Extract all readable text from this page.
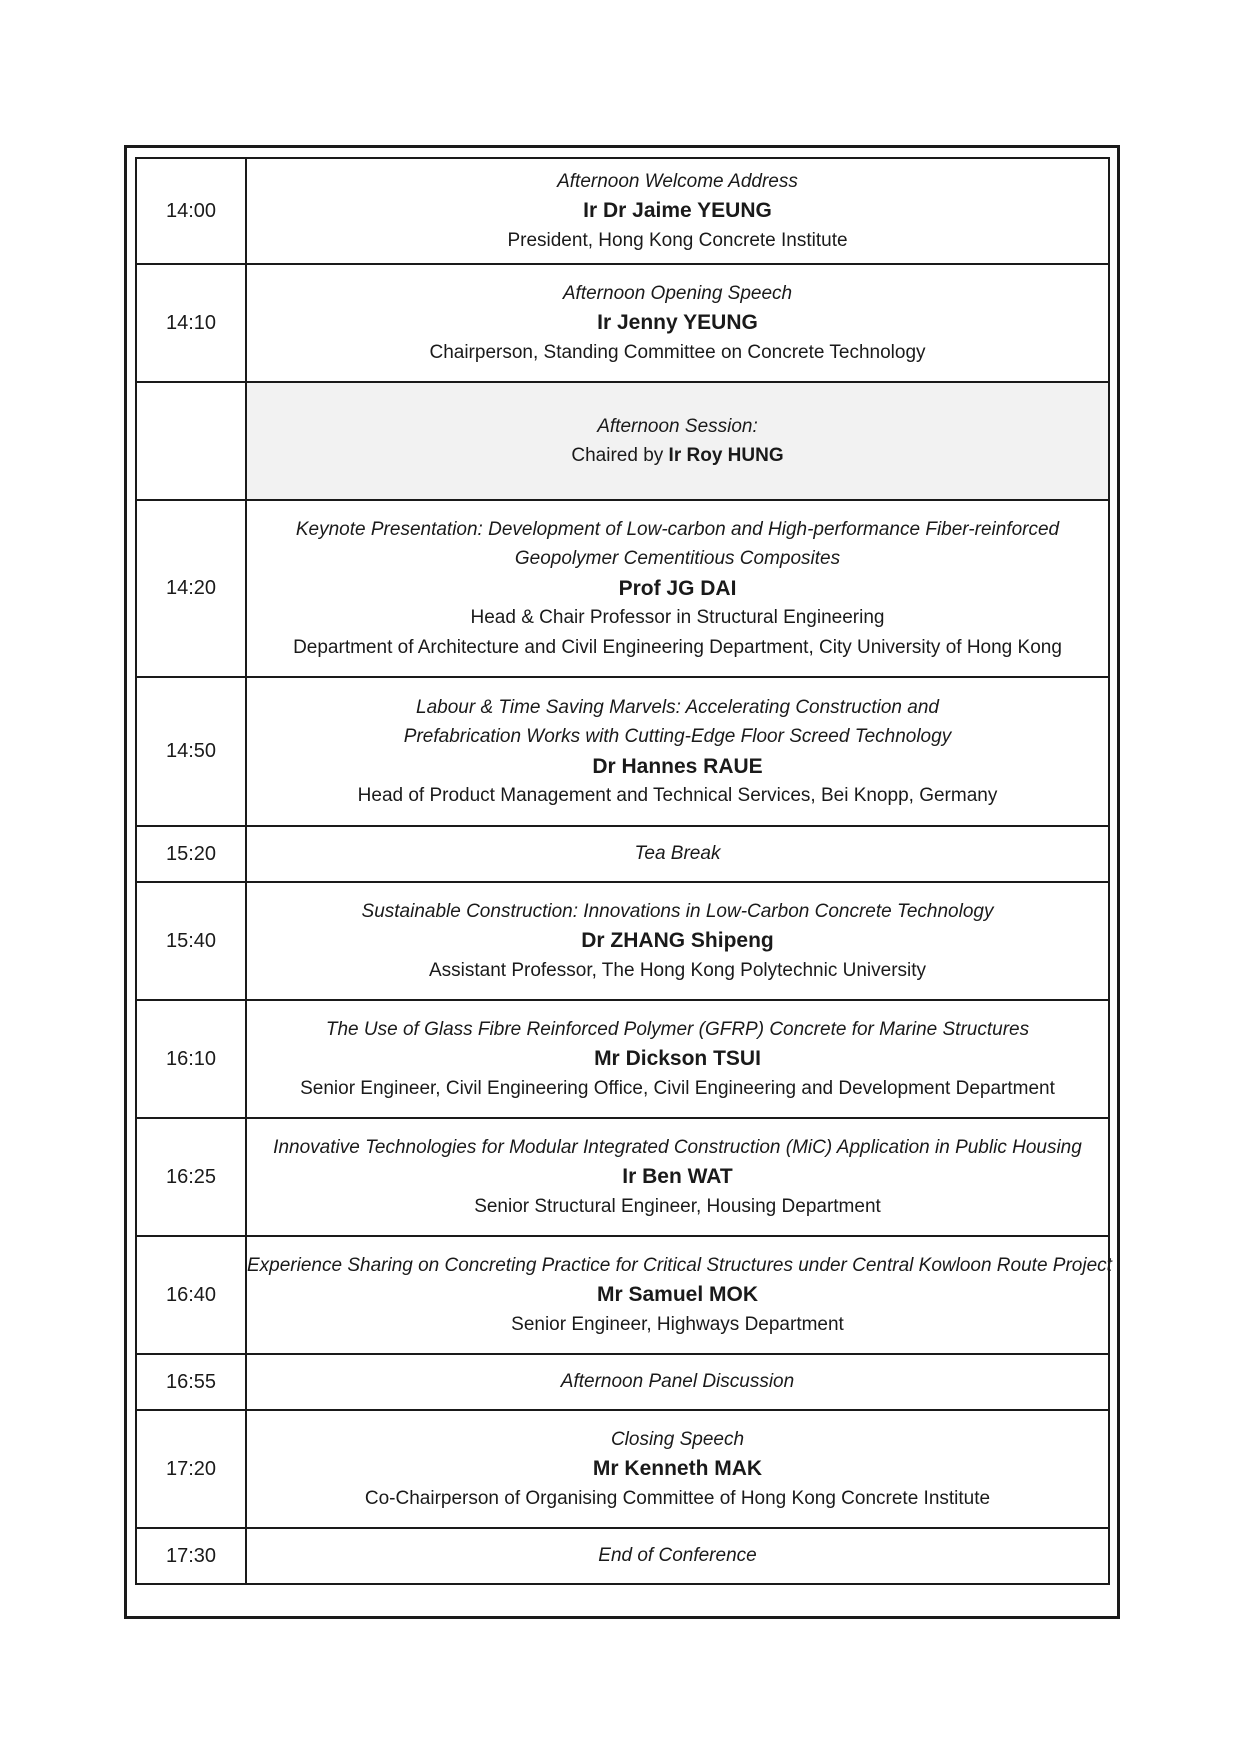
14:00	Afternoon Welcome Address
Ir Dr Jaime YEUNG
President, Hong Kong Concrete Institute

14:10	Afternoon Opening Speech
Ir Jenny YEUNG
Chairperson, Standing Committee on Concrete Technology

	Afternoon Session:
Chaired by Ir Roy HUNG

14:20	Keynote Presentation: Development of Low-carbon and High-performance Fiber-reinforced
Geopolymer Cementitious Composites
Prof JG DAI
Head & Chair Professor in Structural Engineering
Department of Architecture and Civil Engineering Department, City University of Hong Kong

14:50	Labour & Time Saving Marvels: Accelerating Construction and
Prefabrication Works with Cutting-Edge Floor Screed Technology
Dr Hannes RAUE
Head of Product Management and Technical Services, Bei Knopp, Germany

15:20	Tea Break

15:40	Sustainable Construction: Innovations in Low-Carbon Concrete Technology
Dr ZHANG Shipeng
Assistant Professor, The Hong Kong Polytechnic University

16:10	The Use of Glass Fibre Reinforced Polymer (GFRP) Concrete for Marine Structures
Mr Dickson TSUI
Senior Engineer, Civil Engineering Office, Civil Engineering and Development Department

16:25	Innovative Technologies for Modular Integrated Construction (MiC) Application in Public Housing
Ir Ben WAT
Senior Structural Engineer, Housing Department

16:40	Experience Sharing on Concreting Practice for Critical Structures under Central Kowloon Route Project
Mr Samuel MOK
Senior Engineer, Highways Department

16:55	Afternoon Panel Discussion

17:20	Closing Speech
Mr Kenneth MAK
Co-Chairperson of Organising Committee of Hong Kong Concrete Institute

17:30	End of Conference
